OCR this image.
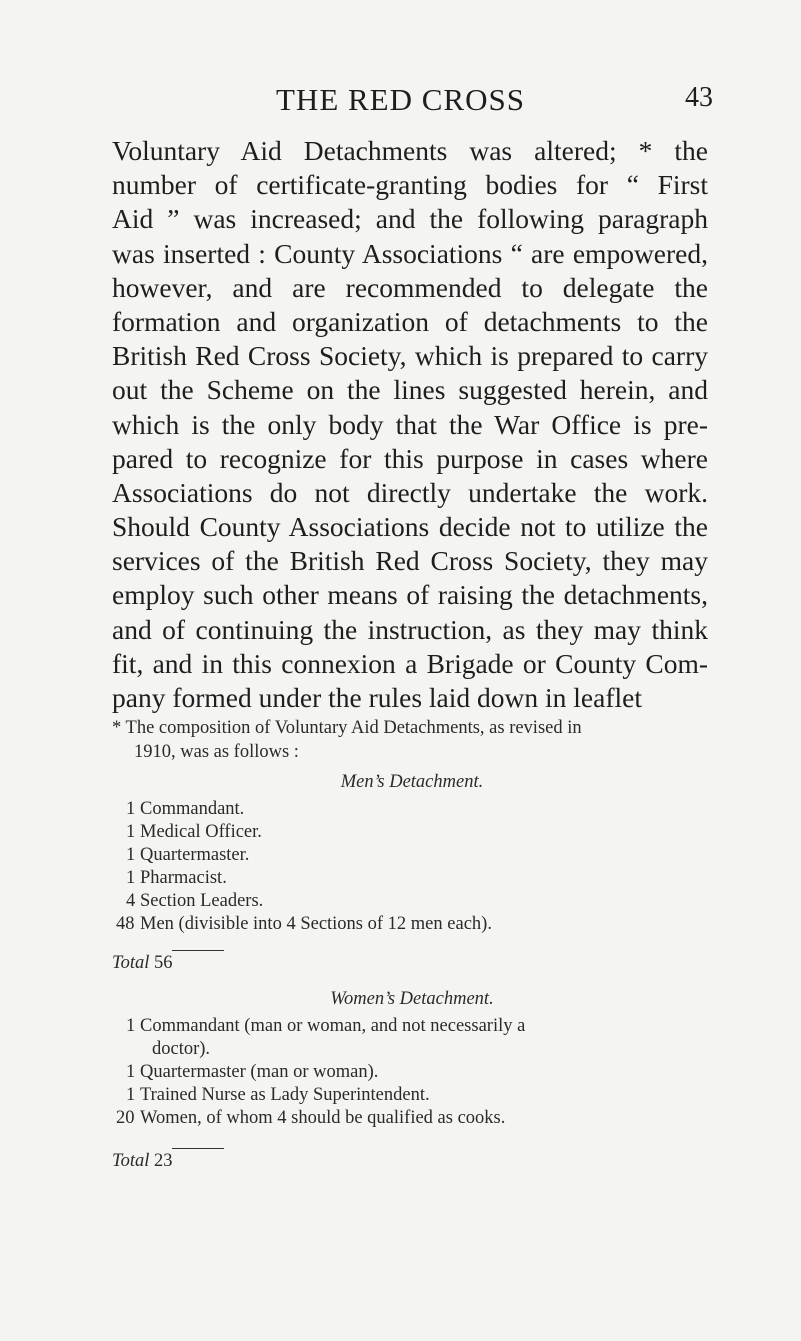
THE RED CROSS	43
Voluntary Aid Detachments was altered; * the
number of certificate-granting bodies for “ First
Aid ” was increased; and the following paragraph
was inserted : County Associations “ are empowered,
however, and are recommended to delegate the
formation and organization of detachments to the
British Red Cross Society, which is prepared to carry
out the Scheme on the lines suggested herein, and
which is the only body that the War Office is pre-
pared to recognize for this purpose in cases where
Associations do not directly undertake the work.
Should County Associations decide not to utilize the
services of the British Red Cross Society, they may
employ such other means of raising the detachments,
and of continuing the instruction, as they may think
fit, and in this connexion a Brigade or County Com-
pany formed under the rules laid down in leaflet
* The composition of Voluntary Aid Detachments, as revised in
1910, was as follows :
Men’s Detachment.
1 Commandant.
1 Medical Officer.
1 Quartermaster.
1 Pharmacist.
4 Section Leaders.
48 Men (divisible into 4 Sections of 12 men each).
Total 56
Women’s Detachment.
1 Commandant (man or woman, and not necessarily a
doctor).
1 Quartermaster (man or woman).
1 Trained Nurse as Lady Superintendent.
20 Women, of whom 4 should be qualified as cooks.
Total 23
